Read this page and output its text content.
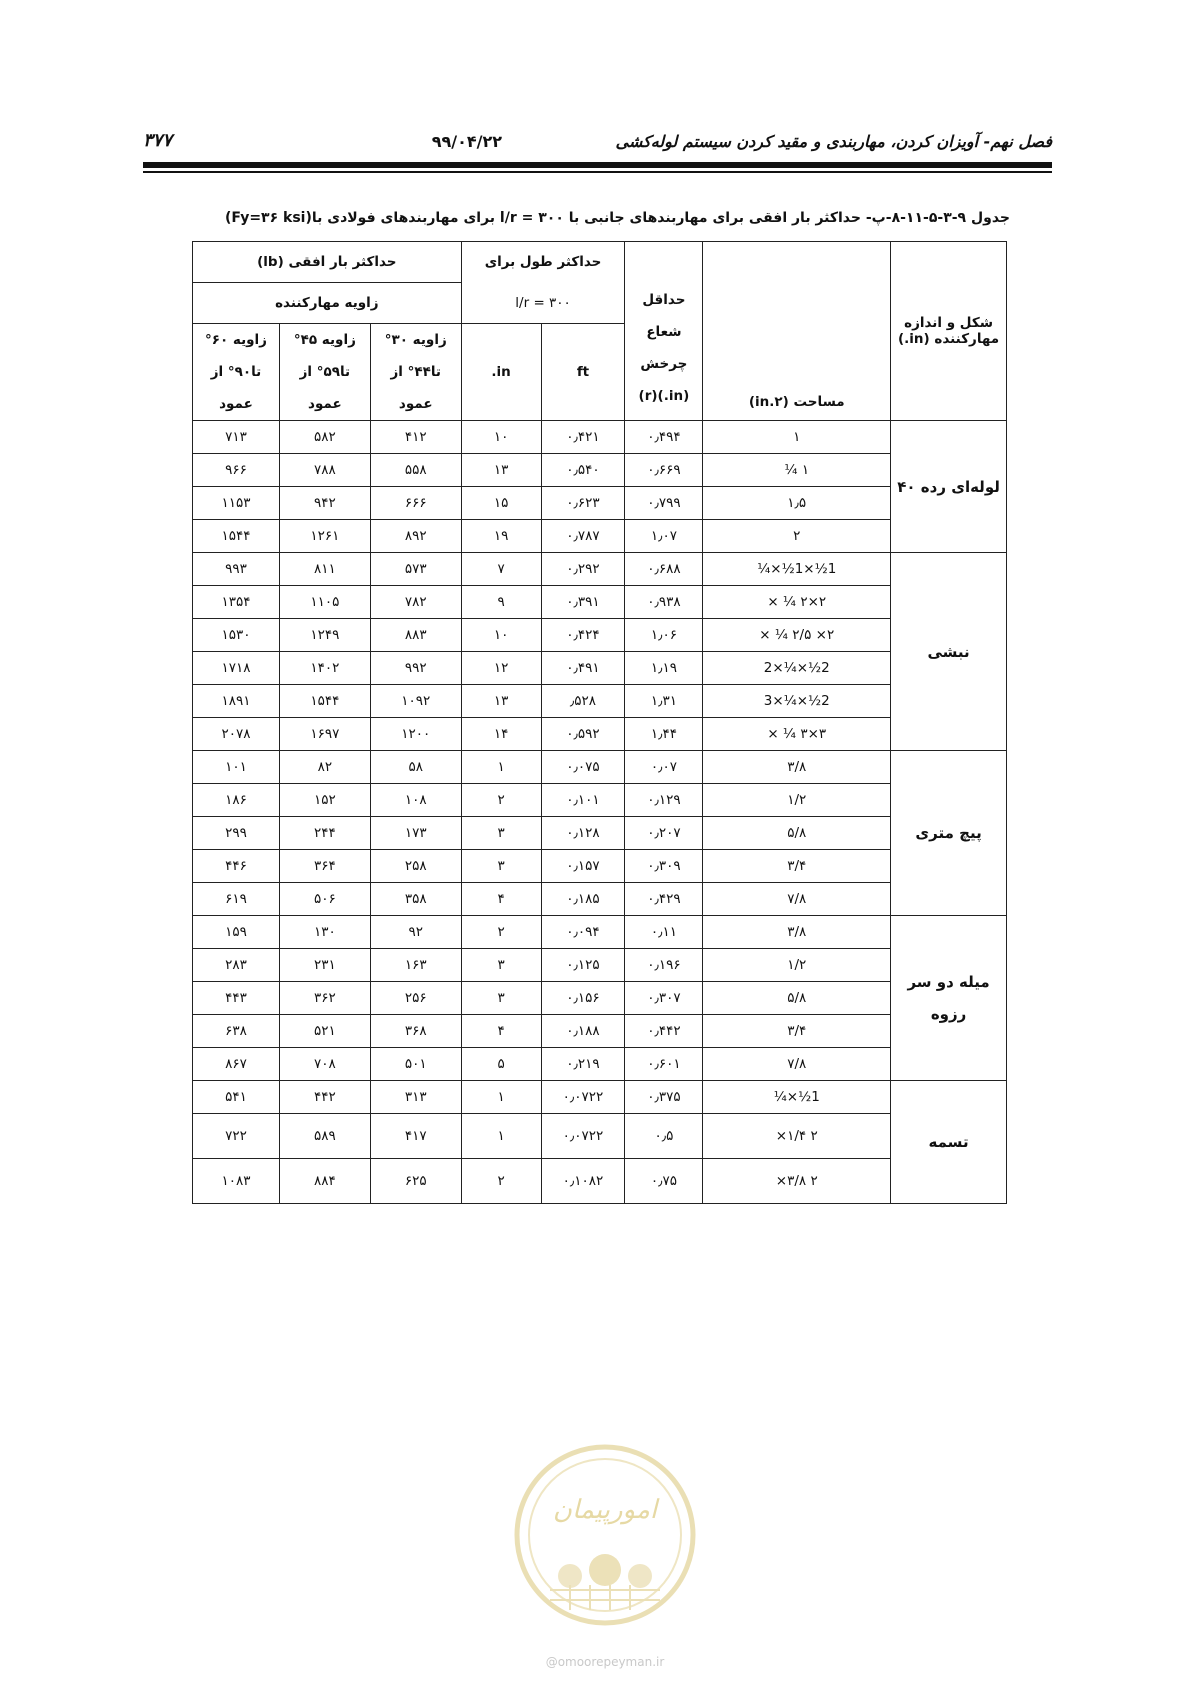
فصل نهم- آویزان کردن، مهاربندی و مقید کردن سیستم لوله‌کشی
۹۹/۰۴/۲۲
۳۷۷
جدول ۹-۳-۵-۱۱-۸-پ- حداکثر بار افقی برای مهاربندهای جانبی با ۳۰۰ = l/r برای مهاربندهای فولادی با(Fy=۳۶ ksi)
شکل و اندازه مهارکننده (in.)	مساحت (in.۲)	حداقل شعاع چرخش (in.)(r)	حداکثر طول برای		حداکثر بار افقی (lb)		
			l/r = ۳۰۰		زاویه مهارکننده		
			ft	in.	زاویه ۳۰° تا۴۴° از عمود	زاویه ۴۵° تا۵۹° از عمود	زاویه ۶۰° تا۹۰° از عمود
لوله‌ای رده ۴۰	۱	۰٫۴۹۴	۰٫۴۲۱	۱۰	۴۱۲	۵۸۲	۷۱۳
	۱ ¼	۰٫۶۶۹	۰٫۵۴۰	۱۳	۵۵۸	۷۸۸	۹۶۶
	۱٫۵	۰٫۷۹۹	۰٫۶۲۳	۱۵	۶۶۶	۹۴۲	۱۱۵۳
	۲	۱٫۰۷	۰٫۷۸۷	۱۹	۸۹۲	۱۲۶۱	۱۵۴۴
نبشی	1½×1½×¼	۰٫۶۸۸	۰٫۲۹۲	۷	۵۷۳	۸۱۱	۹۹۳
	۲×۲ ¼ ×	۰٫۹۳۸	۰٫۳۹۱	۹	۷۸۲	۱۱۰۵	۱۳۵۴
	۲× ۲/۵ ¼ ×	۱٫۰۶	۰٫۴۲۴	۱۰	۸۸۳	۱۲۴۹	۱۵۳۰
	2½×¼×2	۱٫۱۹	۰٫۴۹۱	۱۲	۹۹۲	۱۴۰۲	۱۷۱۸
	2½×¼×3	۱٫۳۱	٫۵۲۸	۱۳	۱۰۹۲	۱۵۴۴	۱۸۹۱
	۳×۳ ¼ ×	۱٫۴۴	۰٫۵۹۲	۱۴	۱۲۰۰	۱۶۹۷	۲۰۷۸
پیچ متری	۳/۸	۰٫۰۷	۰٫۰۷۵	۱	۵۸	۸۲	۱۰۱
	۱/۲	۰٫۱۲۹	۰٫۱۰۱	۲	۱۰۸	۱۵۲	۱۸۶
	۵/۸	۰٫۲۰۷	۰٫۱۲۸	۳	۱۷۳	۲۴۴	۲۹۹
	۳/۴	۰٫۳۰۹	۰٫۱۵۷	۳	۲۵۸	۳۶۴	۴۴۶
	۷/۸	۰٫۴۲۹	۰٫۱۸۵	۴	۳۵۸	۵۰۶	۶۱۹
میله دو سر رزوه	۳/۸	۰٫۱۱	۰٫۰۹۴	۲	۹۲	۱۳۰	۱۵۹
	۱/۲	۰٫۱۹۶	۰٫۱۲۵	۳	۱۶۳	۲۳۱	۲۸۳
	۵/۸	۰٫۳۰۷	۰٫۱۵۶	۳	۲۵۶	۳۶۲	۴۴۳
	۳/۴	۰٫۴۴۲	۰٫۱۸۸	۴	۳۶۸	۵۲۱	۶۳۸
	۷/۸	۰٫۶۰۱	۰٫۲۱۹	۵	۵۰۱	۷۰۸	۸۶۷
تسمه	1½×¼	۰٫۳۷۵	۰٫۰۷۲۲	۱	۳۱۳	۴۴۲	۵۴۱
	۲ ۱/۴×	۰٫۵	۰٫۰۷۲۲	۱	۴۱۷	۵۸۹	۷۲۲
	۲ ۳/۸×	۰٫۷۵	۰٫۱۰۸۲	۲	۶۲۵	۸۸۴	۱۰۸۳
امورپیمان
@omoorepeyman.ir
